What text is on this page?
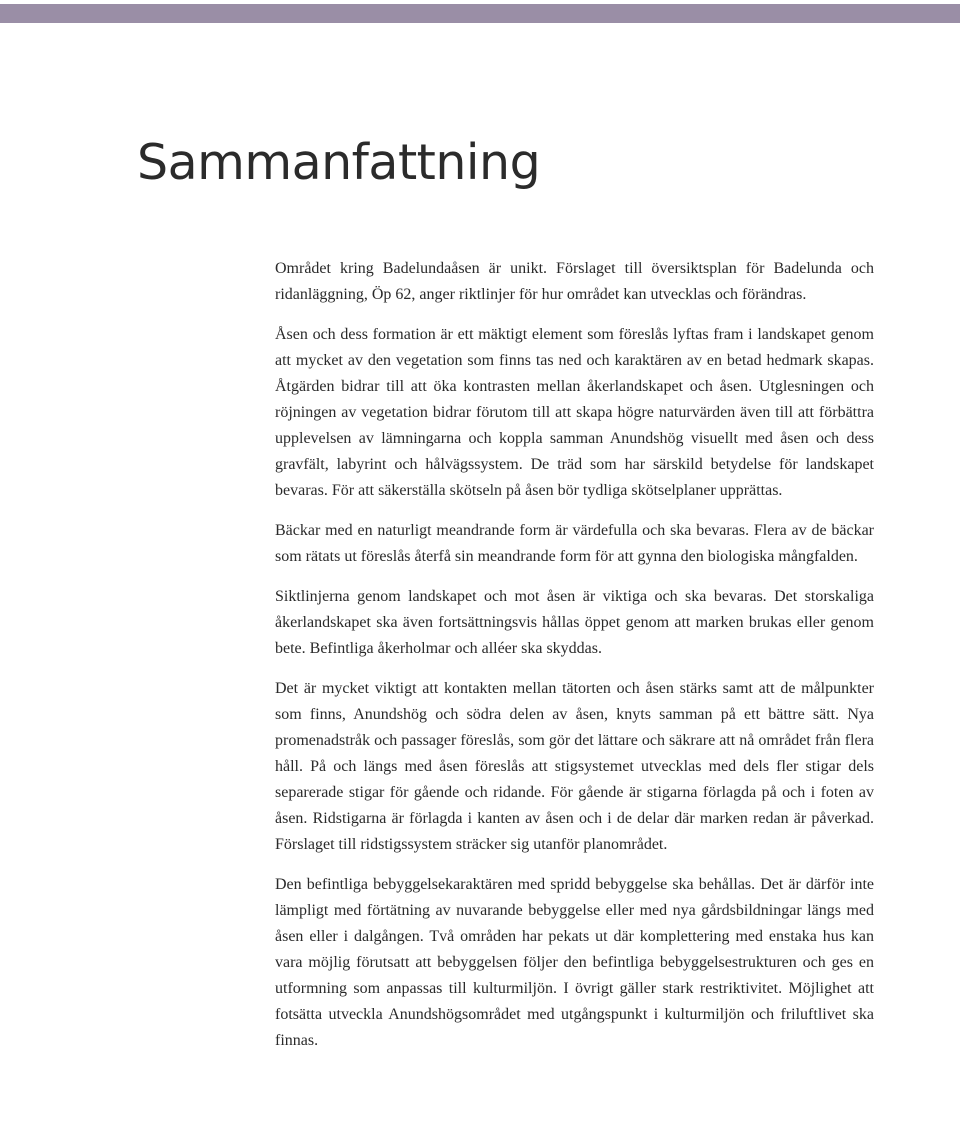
Sammanfattning

Området kring Badelundaåsen är unikt. Förslaget till översiktsplan för Badelunda och ridanläggning, Öp 62, anger riktlinjer för hur området kan utvecklas och förändras.

Åsen och dess formation är ett mäktigt element som föreslås lyftas fram i landskapet genom att mycket av den vegetation som finns tas ned och karaktären av en betad hedmark skapas. Åtgärden bidrar till att öka kontrasten mellan åkerlandskapet och åsen. Utglesningen och röjningen av vegetation bidrar förutom till att skapa högre naturvärden även till att förbättra upplevelsen av lämningarna och koppla samman Anundshög visuellt med åsen och dess gravfält, labyrint och hålvägssystem. De träd som har särskild betydelse för landskapet bevaras. För att säkerställa skötseln på åsen bör tydliga skötselplaner upprättas.

Bäckar med en naturligt meandrande form är värdefulla och ska bevaras. Flera av de bäckar som rätats ut föreslås återfå sin meandrande form för att gynna den biologiska mångfalden.

Siktlinjerna genom landskapet och mot åsen är viktiga och ska bevaras. Det storskaliga åkerlandskapet ska även fortsättningsvis hållas öppet genom att marken brukas eller genom bete. Befintliga åkerholmar och alléer ska skyddas.

Det är mycket viktigt att kontakten mellan tätorten och åsen stärks samt att de målpunkter som finns, Anundshög och södra delen av åsen, knyts samman på ett bättre sätt. Nya promenadstråk och passager föreslås, som gör det lättare och säkrare att nå området från flera håll. På och längs med åsen föreslås att stigsystemet utvecklas med dels fler stigar dels separerade stigar för gående och ridande. För gående är stigarna förlagda på och i foten av åsen. Ridstigarna är förlagda i kanten av åsen och i de delar där marken redan är påverkad. Förslaget till ridstigssystem sträcker sig utanför planområdet.

Den befintliga bebyggelsekaraktären med spridd bebyggelse ska behållas. Det är därför inte lämpligt med förtätning av nuvarande bebyggelse eller med nya gårdsbildningar längs med åsen eller i dalgången. Två områden har pekats ut där komplettering med enstaka hus kan vara möjlig förutsatt att bebyggelsen följer den befintliga bebyggelsestrukturen och ges en utformning som anpassas till kulturmiljön. I övrigt gäller stark restriktivitet. Möjlighet att fotsätta utveckla Anundshögsområdet med utgångspunkt i kulturmiljön och friluftlivet ska finnas.
